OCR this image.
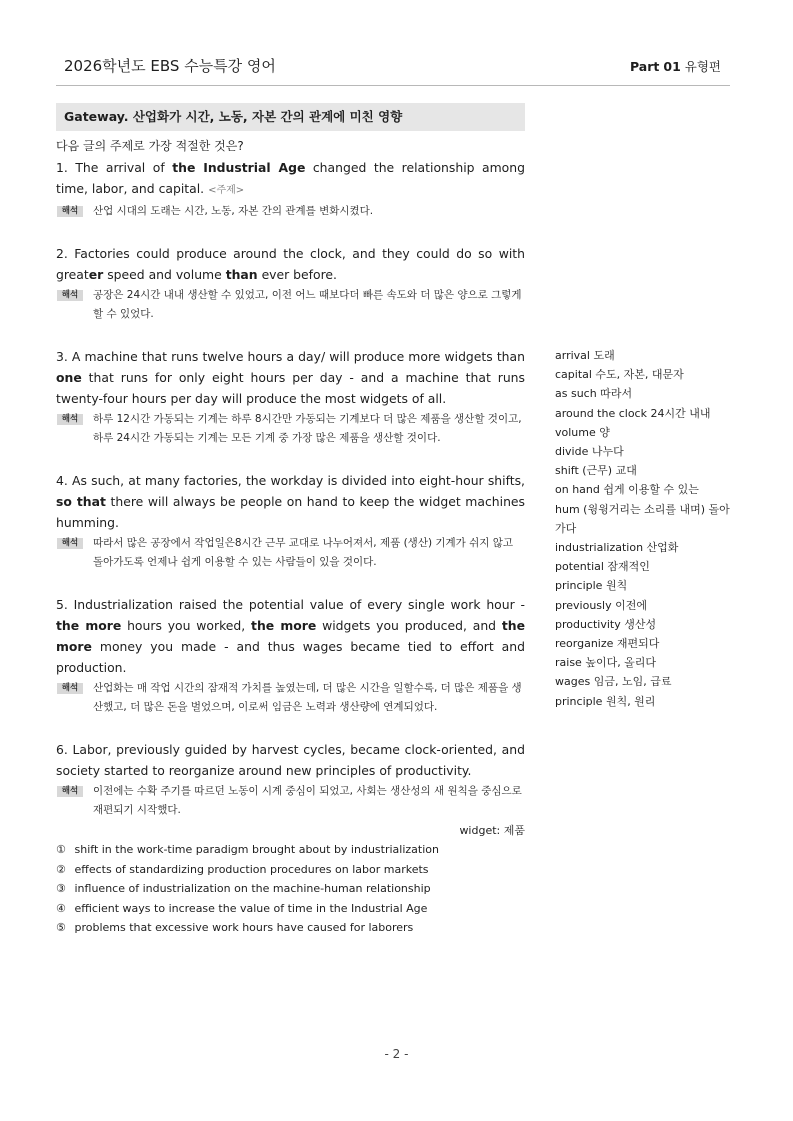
2026학년도 EBS 수능특강 영어	Part 01 유형편
Gateway. 산업화가 시간, 노동, 자본 간의 관계에 미친 영향
다음 글의 주제로 가장 적절한 것은?
1. The arrival of the Industrial Age changed the relationship among time, labor, and capital. <주제>
해석	산업 시대의 도래는 시간, 노동, 자본 간의 관계를 변화시켰다.
2. Factories could produce around the clock, and they could do so with greater speed and volume than ever before.
해석	공장은 24시간 내내 생산할 수 있었고, 이전 어느 때보다더 빠른 속도와 더 많은 양으로 그렇게 할 수 있었다.
3. A machine that runs twelve hours a day/ will produce more widgets than one that runs for only eight hours per day - and a machine that runs twenty-four hours per day will produce the most widgets of all.
해석	하루 12시간 가동되는 기계는 하루 8시간만 가동되는 기계보다 더 많은 제품을 생산할 것이고, 하루 24시간 가동되는 기계는 모든 기계 중 가장 많은 제품을 생산할 것이다.
4. As such, at many factories, the workday is divided into eight-hour shifts, so that there will always be people on hand to keep the widget machines humming.
해석	따라서 많은 공장에서 작업일은8시간 근무 교대로 나누어져서, 제품 (생산) 기계가 쉬지 않고 돌아가도록 언제나 쉽게 이용할 수 있는 사람들이 있을 것이다.
5. Industrialization raised the potential value of every single work hour - the more hours you worked, the more widgets you produced, and the more money you made - and thus wages became tied to effort and production.
해석	산업화는 매 작업 시간의 잠재적 가치를 높였는데, 더 많은 시간을 일할수록, 더 많은 제품을 생산했고, 더 많은 돈을 벌었으며, 이로써 임금은 노력과 생산량에 연계되었다.
6. Labor, previously guided by harvest cycles, became clock-oriented, and society started to reorganize around new principles of productivity.
해석	이전에는 수확 주기를 따르던 노동이 시계 중심이 되었고, 사회는 생산성의 새 원칙을 중심으로 재편되기 시작했다.
widget: 제품
① shift in the work-time paradigm brought about by industrialization
② effects of standardizing production procedures on labor markets
③ influence of industrialization on the machine-human relationship
④ efficient ways to increase the value of time in the Industrial Age
⑤ problems that excessive work hours have caused for laborers
arrival 도래
capital 수도, 자본, 대문자
as such 따라서
around the clock 24시간 내내
volume 양
divide 나누다
shift (근무) 교대
on hand 쉽게 이용할 수 있는
hum (윙윙거리는 소리를 내며) 돌아가다
industrialization 산업화
potential 잠재적인
principle 원칙
previously 이전에
productivity 생산성
reorganize 재편되다
raise 높이다, 올리다
wages 임금, 노임, 급료
principle 원칙, 원리
- 2 -
